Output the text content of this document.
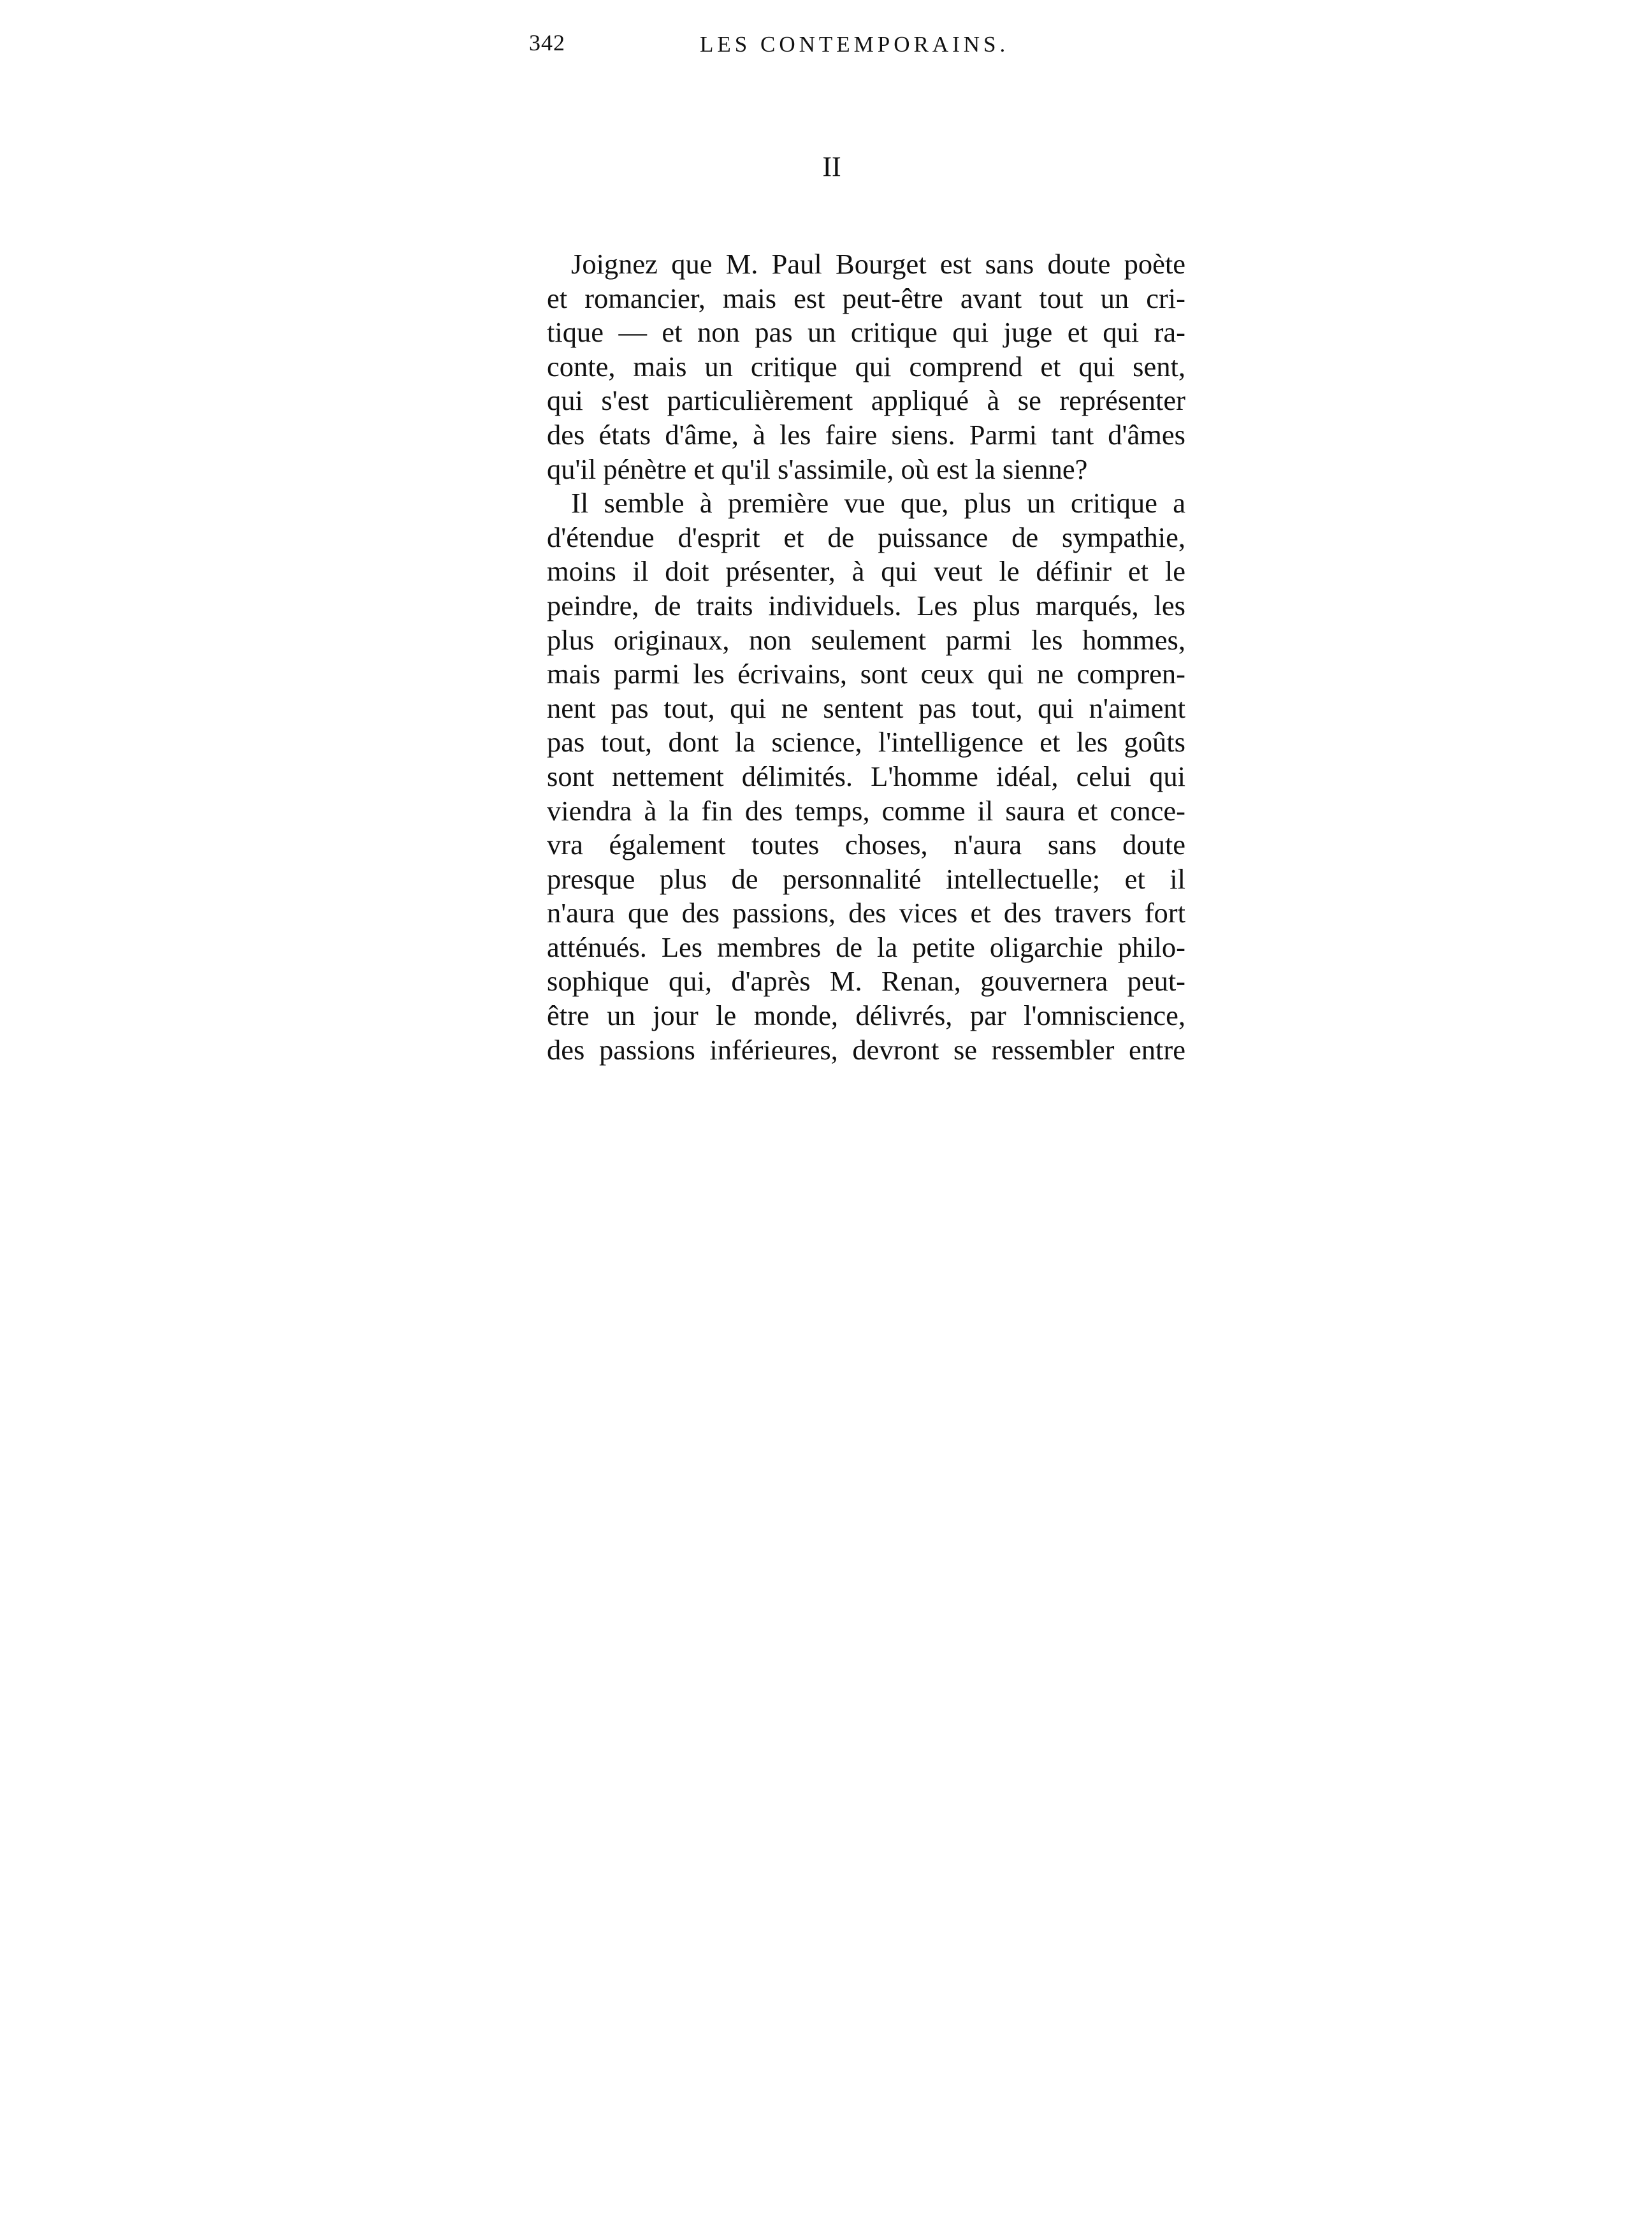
342	LES CONTEMPORAINS.
II
Joignez que M. Paul Bourget est sans doute poète
et romancier, mais est peut-être avant tout un cri-
tique — et non pas un critique qui juge et qui ra-
conte, mais un critique qui comprend et qui sent,
qui s'est particulièrement appliqué à se représenter
des états d'âme, à les faire siens. Parmi tant d'âmes
qu'il pénètre et qu'il s'assimile, où est la sienne?
Il semble à première vue que, plus un critique a
d'étendue d'esprit et de puissance de sympathie,
moins il doit présenter, à qui veut le définir et le
peindre, de traits individuels. Les plus marqués, les
plus originaux, non seulement parmi les hommes,
mais parmi les écrivains, sont ceux qui ne compren-
nent pas tout, qui ne sentent pas tout, qui n'aiment
pas tout, dont la science, l'intelligence et les goûts
sont nettement délimités. L'homme idéal, celui qui
viendra à la fin des temps, comme il saura et conce-
vra également toutes choses, n'aura sans doute
presque plus de personnalité intellectuelle; et il
n'aura que des passions, des vices et des travers fort
atténués. Les membres de la petite oligarchie philo-
sophique qui, d'après M. Renan, gouvernera peut-
être un jour le monde, délivrés, par l'omniscience,
des passions inférieures, devront se ressembler entre
